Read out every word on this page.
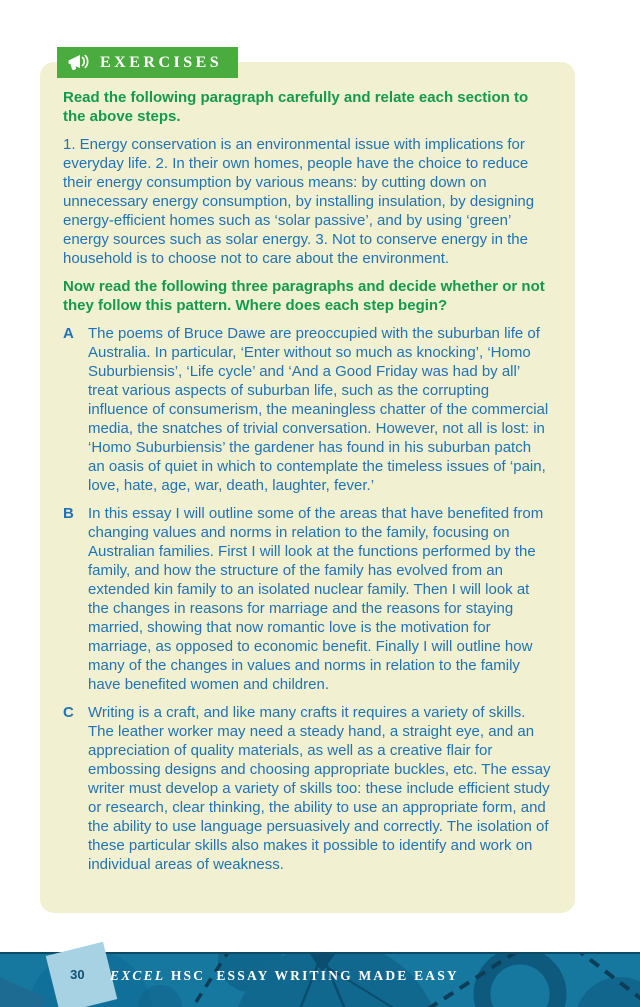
EXERCISES

Read the following paragraph carefully and relate each section to the above steps.

1. Energy conservation is an environmental issue with implications for everyday life. 2. In their own homes, people have the choice to reduce their energy consumption by various means: by cutting down on unnecessary energy consumption, by installing insulation, by designing energy-efficient homes such as ‘solar passive’, and by using ‘green’ energy sources such as solar energy. 3. Not to conserve energy in the household is to choose not to care about the environment.

Now read the following three paragraphs and decide whether or not they follow this pattern. Where does each step begin?

A The poems of Bruce Dawe are preoccupied with the suburban life of Australia. In particular, ‘Enter without so much as knocking’, ‘Homo Suburbiensis’, ‘Life cycle’ and ‘And a Good Friday was had by all’ treat various aspects of suburban life, such as the corrupting influence of consumerism, the meaningless chatter of the commercial media, the snatches of trivial conversation. However, not all is lost: in ‘Homo Suburbiensis’ the gardener has found in his suburban patch an oasis of quiet in which to contemplate the timeless issues of ‘pain, love, hate, age, war, death, laughter, fever.’
B In this essay I will outline some of the areas that have benefited from changing values and norms in relation to the family, focusing on Australian families. First I will look at the functions performed by the family, and how the structure of the family has evolved from an extended kin family to an isolated nuclear family. Then I will look at the changes in reasons for marriage and the reasons for staying married, showing that now romantic love is the motivation for marriage, as opposed to economic benefit. Finally I will outline how many of the changes in values and norms in relation to the family have benefited women and children.
C Writing is a craft, and like many crafts it requires a variety of skills. The leather worker may need a steady hand, a straight eye, and an appreciation of quality materials, as well as a creative flair for embossing designs and choosing appropriate buckles, etc. The essay writer must develop a variety of skills too: these include efficient study or research, clear thinking, the ability to use an appropriate form, and the ability to use language persuasively and correctly. The isolation of these particular skills also makes it possible to identify and work on individual areas of weakness.
30 EXCEL HSC  ESSAY WRITING MADE EASY
